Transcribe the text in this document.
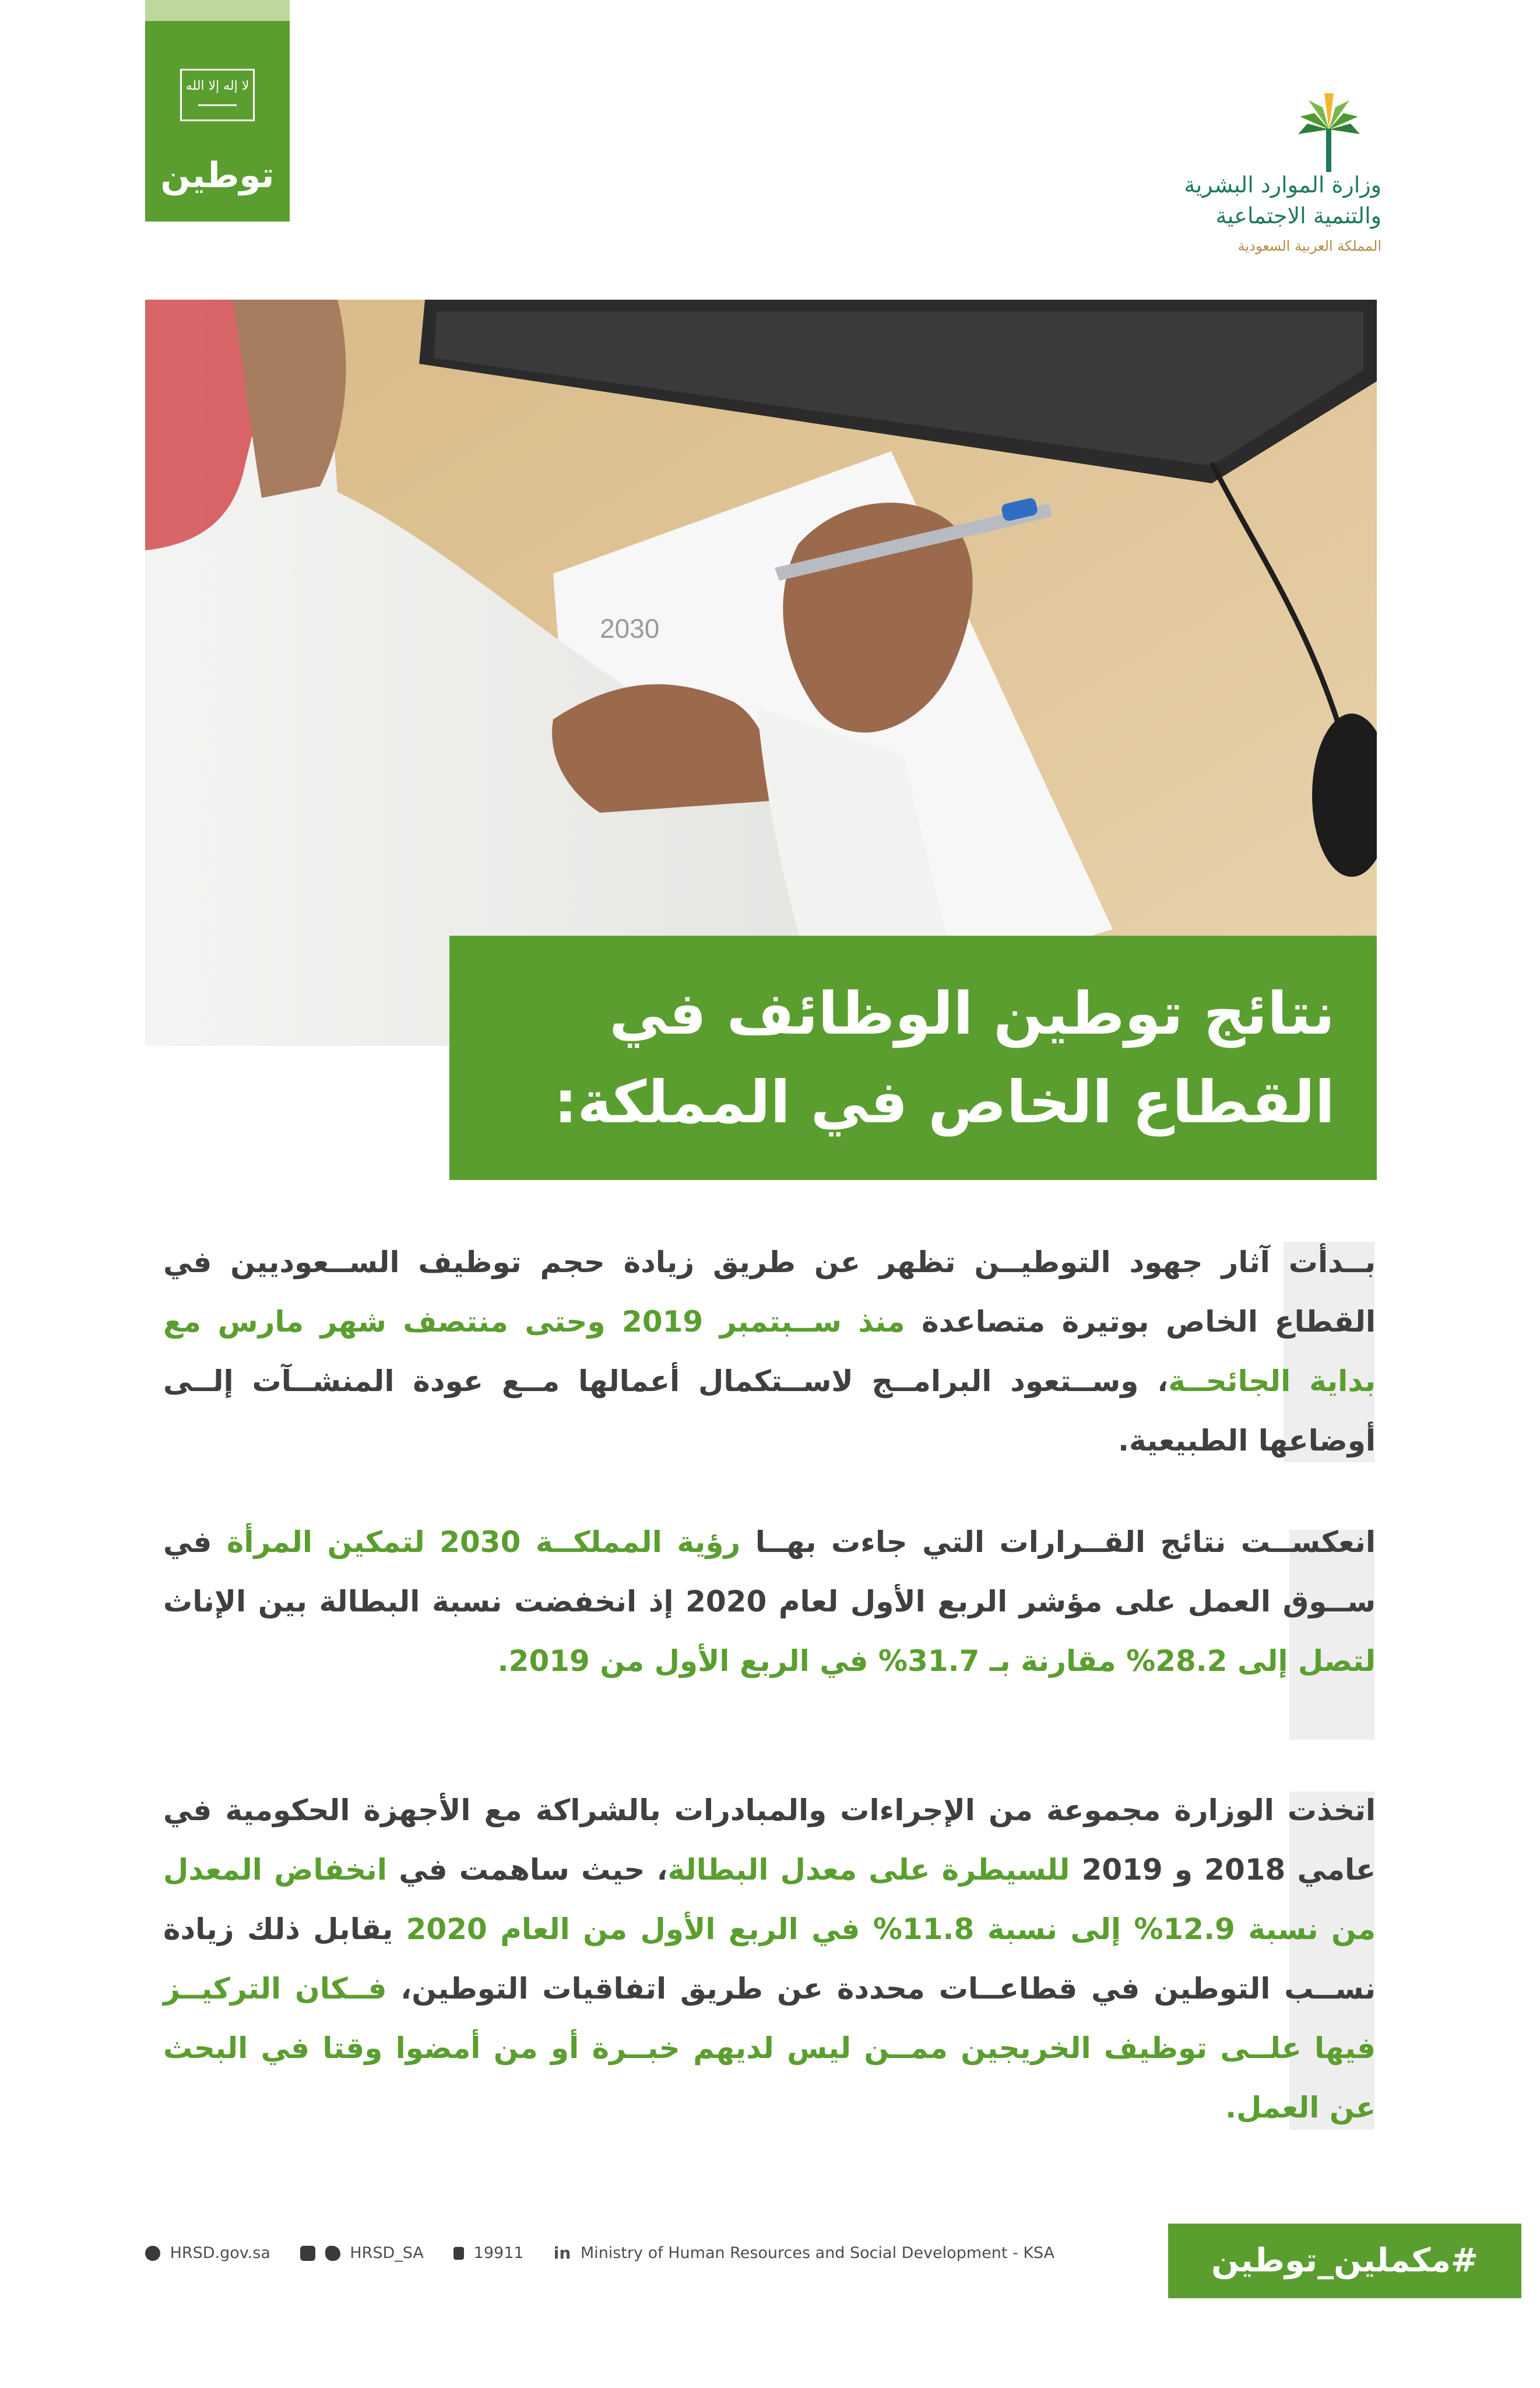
لا إله إلا الله
توطين	وزارة الموارد البشرية
والتنمية الاجتماعية
المملكة العربية السعودية
2030
نتائج توطين الوظائف في
القطاع الخاص في المملكة:
بــدأت آثار جهود التوطيــن تظهر عن طريق زيادة حجم توظيف الســعوديين في القطاع الخاص بوتيرة متصاعدة منذ ســبتمبر 2019 وحتى منتصف شهر مارس مع بداية الجائحــة، وســتعود البرامــج لاســتكمال أعمالها مــع عودة المنشــآت إلــى أوضاعها الطبيعية.
انعكســت نتائج القــرارات التي جاءت بهــا رؤية المملكــة 2030 لتمكين المرأة في ســوق العمل على مؤشر الربع الأول لعام 2020 إذ انخفضت نسبة البطالة بين الإناث لتصل إلى 28.2% مقارنة بـ 31.7% في الربع الأول من 2019.
اتخذت الوزارة مجموعة من الإجراءات والمبادرات بالشراكة مع الأجهزة الحكومية في عامي 2018 و 2019 للسيطرة على معدل البطالة، حيث ساهمت في انخفاض المعدل من نسبة 12.9% إلى نسبة 11.8% في الربع الأول من العام 2020 يقابل ذلك زيادة نســب التوطين في قطاعــات محددة عن طريق اتفاقيات التوطين، فــكان التركيــز فيها علــى توظيف الخريجين ممــن ليس لديهم خبــرة أو من أمضوا وقتا في البحث عن العمل.
HRSD.gov.sa	HRSD_SA	19911 in Ministry of Human Resources and Social Development - KSA	#مكملين_توطين
